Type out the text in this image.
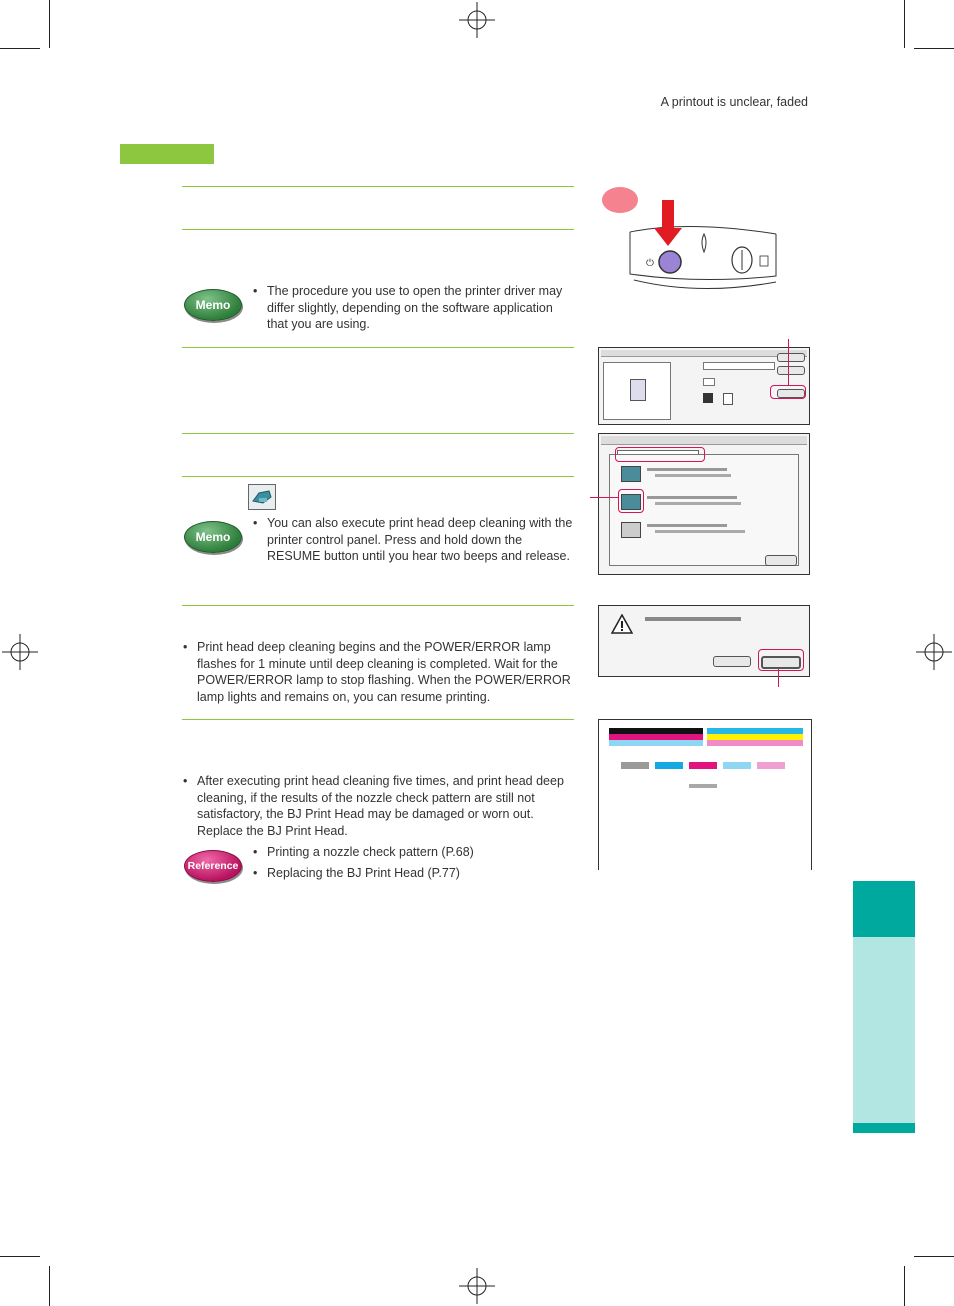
A printout is unclear, faded
Memo
• The procedure you use to open the printer driver may differ slightly, depending on the software application that you are using.
Memo
• You can also execute print head deep cleaning with the printer control panel. Press and hold down the RESUME button until you hear two beeps and release.
• Print head deep cleaning begins and the POWER/ERROR lamp flashes for 1 minute until deep cleaning is completed. Wait for the POWER/ERROR lamp to stop flashing. When the POWER/ERROR lamp lights and remains on, you can resume printing.
• After executing print head cleaning five times, and print head deep cleaning, if the results of the nozzle check pattern are still not satisfactory, the BJ Print Head may be damaged or worn out. Replace the BJ Print Head.
Reference
• Printing a nozzle check pattern (P.68)
• Replacing the BJ Print Head (P.77)
⏻
